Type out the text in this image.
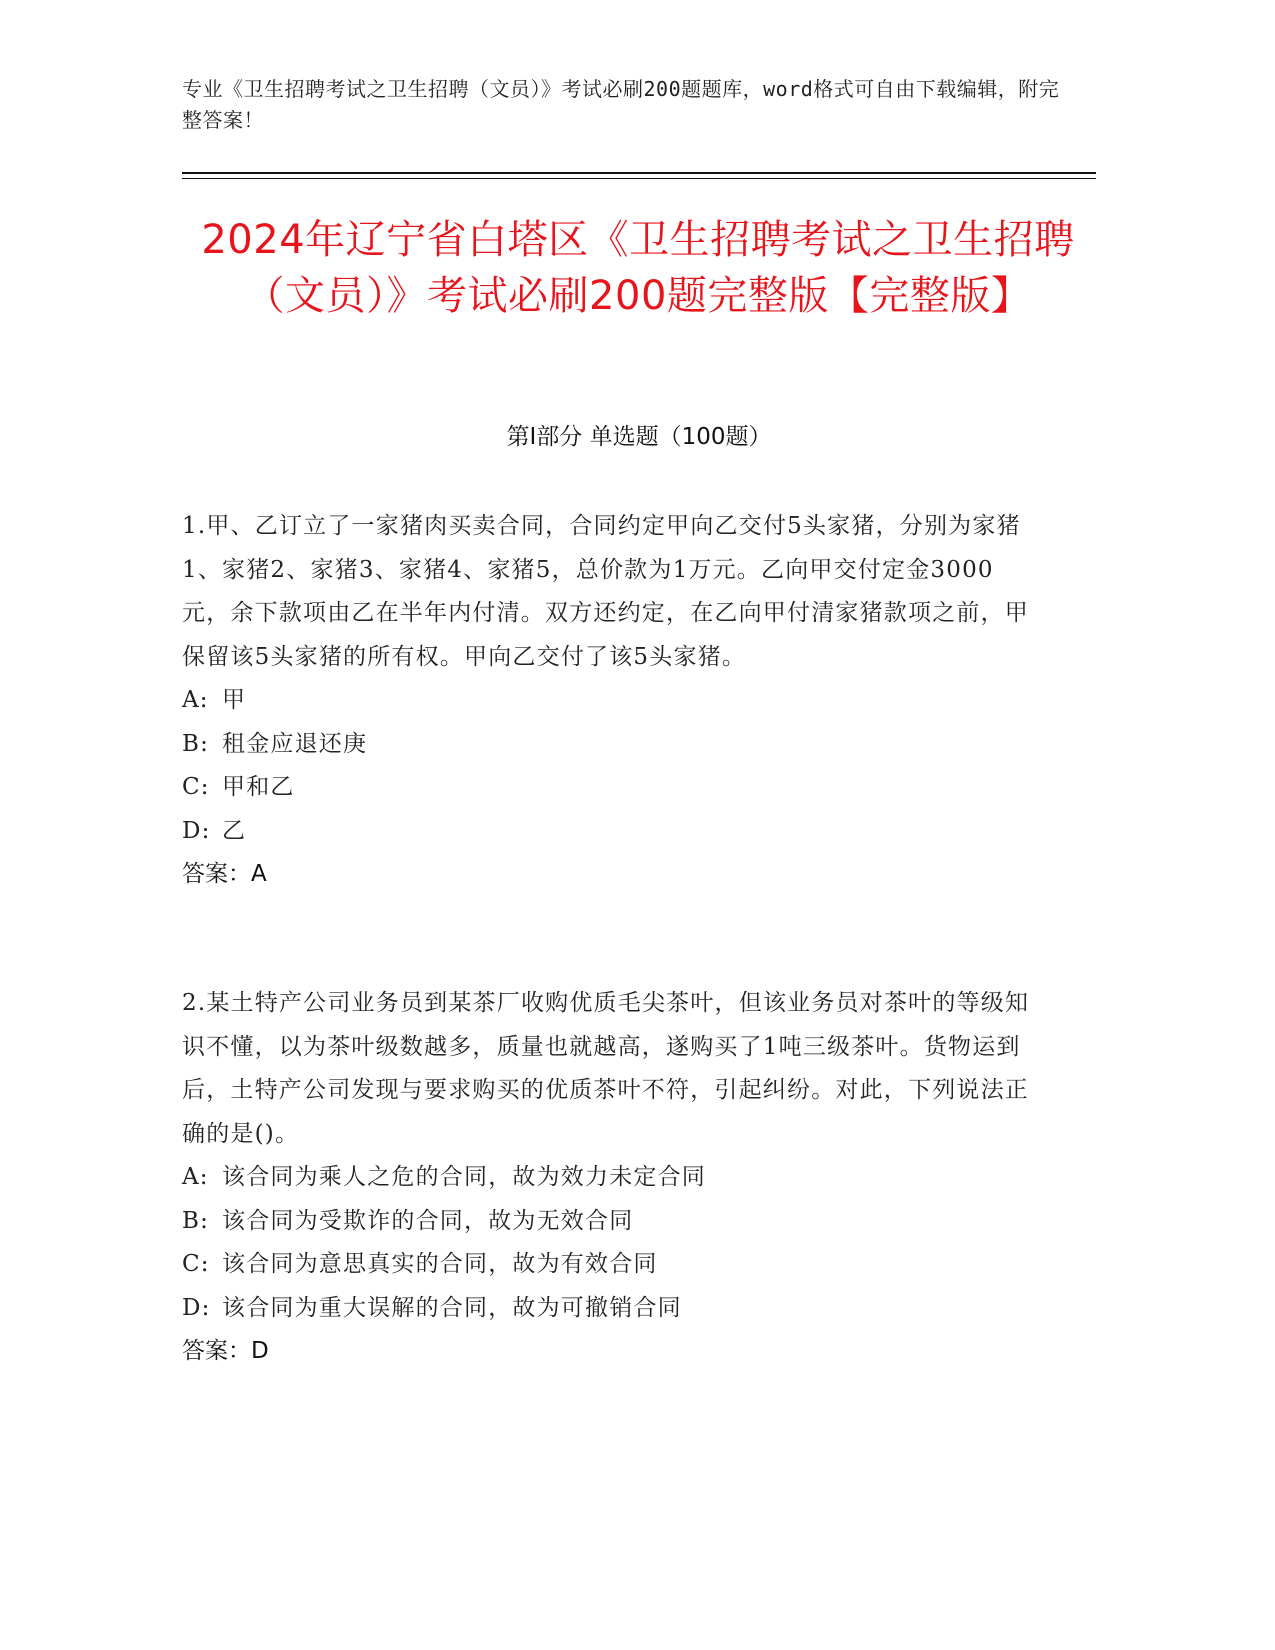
专业《卫生招聘考试之卫生招聘（文员）》考试必刷200题题库，word格式可自由下载编辑，附完整答案！
2024年辽宁省白塔区《卫生招聘考试之卫生招聘（文员）》考试必刷200题完整版【完整版】
第I部分 单选题（100题）
1.甲、乙订立了一家猪肉买卖合同，合同约定甲向乙交付5头家猪，分别为家猪1、家猪2、家猪3、家猪4、家猪5，总价款为1万元。乙向甲交付定金3000元，余下款项由乙在半年内付清。双方还约定，在乙向甲付清家猪款项之前，甲保留该5头家猪的所有权。甲向乙交付了该5头家猪。
A: 甲
B: 租金应退还庚
C: 甲和乙
D: 乙
答案：A
2.某土特产公司业务员到某茶厂收购优质毛尖茶叶，但该业务员对茶叶的等级知识不懂，以为茶叶级数越多，质量也就越高，遂购买了1吨三级茶叶。货物运到后，土特产公司发现与要求购买的优质茶叶不符，引起纠纷。对此，下列说法正确的是()。
A: 该合同为乘人之危的合同，故为效力未定合同
B: 该合同为受欺诈的合同，故为无效合同
C: 该合同为意思真实的合同，故为有效合同
D: 该合同为重大误解的合同，故为可撤销合同
答案：D
